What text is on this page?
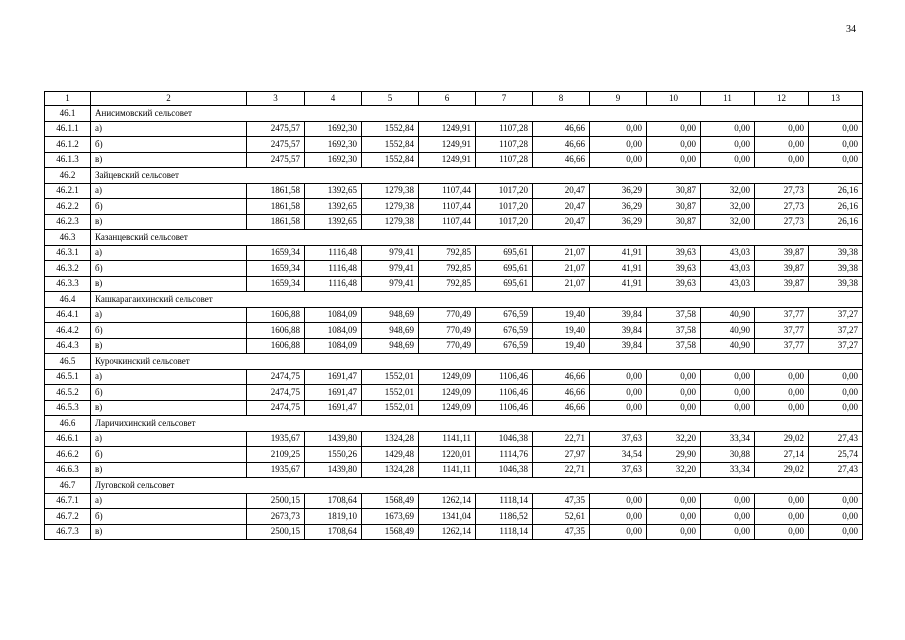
34
1	2	3	4	5	6	7	8	9	10	11	12	13
46.1	Анисимовский сельсовет											
46.1.1	а)	2475,57	1692,30	1552,84	1249,91	1107,28	46,66	0,00	0,00	0,00	0,00	0,00
46.1.2	б)	2475,57	1692,30	1552,84	1249,91	1107,28	46,66	0,00	0,00	0,00	0,00	0,00
46.1.3	в)	2475,57	1692,30	1552,84	1249,91	1107,28	46,66	0,00	0,00	0,00	0,00	0,00
46.2	Зайцевский сельсовет											
46.2.1	а)	1861,58	1392,65	1279,38	1107,44	1017,20	20,47	36,29	30,87	32,00	27,73	26,16
46.2.2	б)	1861,58	1392,65	1279,38	1107,44	1017,20	20,47	36,29	30,87	32,00	27,73	26,16
46.2.3	в)	1861,58	1392,65	1279,38	1107,44	1017,20	20,47	36,29	30,87	32,00	27,73	26,16
46.3	Казанцевский сельсовет											
46.3.1	а)	1659,34	1116,48	979,41	792,85	695,61	21,07	41,91	39,63	43,03	39,87	39,38
46.3.2	б)	1659,34	1116,48	979,41	792,85	695,61	21,07	41,91	39,63	43,03	39,87	39,38
46.3.3	в)	1659,34	1116,48	979,41	792,85	695,61	21,07	41,91	39,63	43,03	39,87	39,38
46.4	Кашкарагаихинский сельсовет											
46.4.1	а)	1606,88	1084,09	948,69	770,49	676,59	19,40	39,84	37,58	40,90	37,77	37,27
46.4.2	б)	1606,88	1084,09	948,69	770,49	676,59	19,40	39,84	37,58	40,90	37,77	37,27
46.4.3	в)	1606,88	1084,09	948,69	770,49	676,59	19,40	39,84	37,58	40,90	37,77	37,27
46.5	Курочкинский сельсовет											
46.5.1	а)	2474,75	1691,47	1552,01	1249,09	1106,46	46,66	0,00	0,00	0,00	0,00	0,00
46.5.2	б)	2474,75	1691,47	1552,01	1249,09	1106,46	46,66	0,00	0,00	0,00	0,00	0,00
46.5.3	в)	2474,75	1691,47	1552,01	1249,09	1106,46	46,66	0,00	0,00	0,00	0,00	0,00
46.6	Ларичихинский сельсовет											
46.6.1	а)	1935,67	1439,80	1324,28	1141,11	1046,38	22,71	37,63	32,20	33,34	29,02	27,43
46.6.2	б)	2109,25	1550,26	1429,48	1220,01	1114,76	27,97	34,54	29,90	30,88	27,14	25,74
46.6.3	в)	1935,67	1439,80	1324,28	1141,11	1046,38	22,71	37,63	32,20	33,34	29,02	27,43
46.7	Луговской сельсовет											
46.7.1	а)	2500,15	1708,64	1568,49	1262,14	1118,14	47,35	0,00	0,00	0,00	0,00	0,00
46.7.2	б)	2673,73	1819,10	1673,69	1341,04	1186,52	52,61	0,00	0,00	0,00	0,00	0,00
46.7.3	в)	2500,15	1708,64	1568,49	1262,14	1118,14	47,35	0,00	0,00	0,00	0,00	0,00
